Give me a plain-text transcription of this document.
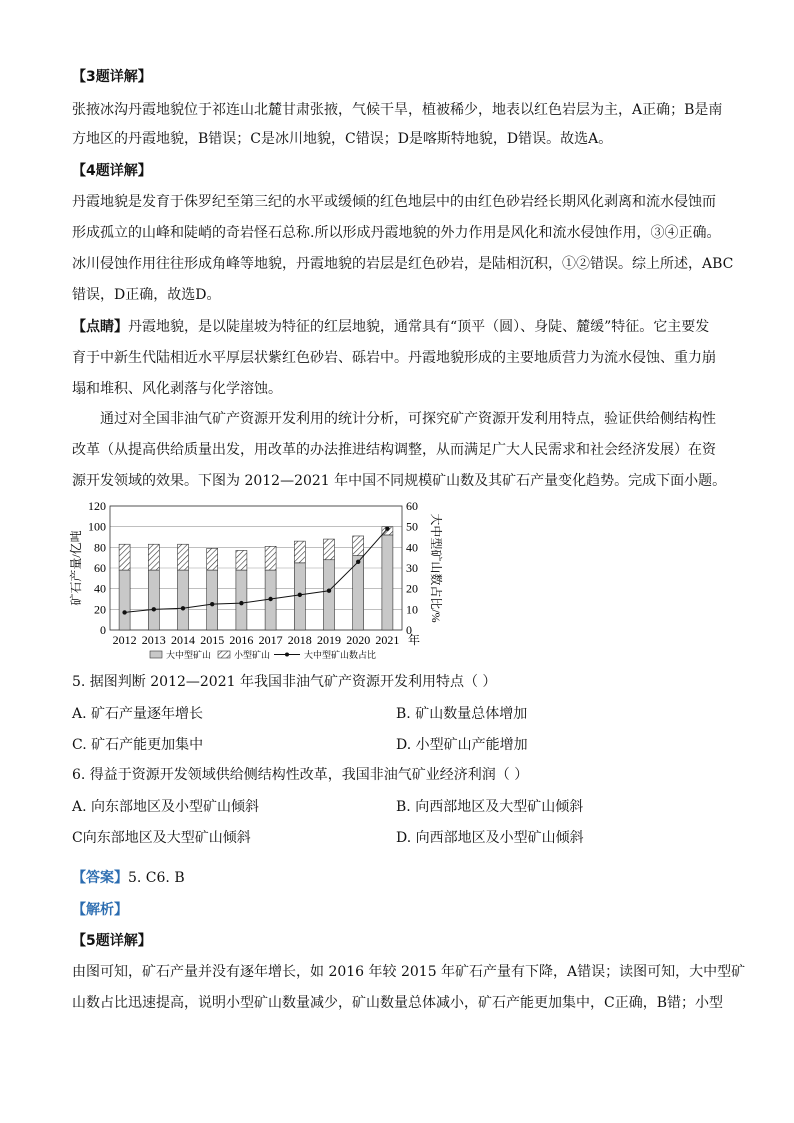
【3题详解】
张掖冰沟丹霞地貌位于祁连山北麓甘肃张掖，气候干旱，植被稀少，地表以红色岩层为主，A正确；B是南
方地区的丹霞地貌，B错误；C是冰川地貌，C错误；D是喀斯特地貌，D错误。故选A。
【4题详解】
丹霞地貌是发育于侏罗纪至第三纪的水平或缓倾的红色地层中的由红色砂岩经长期风化剥离和流水侵蚀而
形成孤立的山峰和陡峭的奇岩怪石总称.所以形成丹霞地貌的外力作用是风化和流水侵蚀作用，③④正确。
冰川侵蚀作用往往形成角峰等地貌，丹霞地貌的岩层是红色砂岩，是陆相沉积，①②错误。综上所述，ABC
错误，D正确，故选D。
【点睛】丹霞地貌，是以陡崖坡为特征的红层地貌，通常具有“顶平（圆）、身陡、麓缓”特征。它主要发
育于中新生代陆相近水平厚层状紫红色砂岩、砾岩中。丹霞地貌形成的主要地质营力为流水侵蚀、重力崩
塌和堆积、风化剥落与化学溶蚀。
通过对全国非油气矿产资源开发利用的统计分析，可探究矿产资源开发利用特点，验证供给侧结构性
改革（从提高供给质量出发，用改革的办法推进结构调整，从而满足广大人民需求和社会经济发展）在资
源开发领域的效果。下图为 2012—2021 年中国不同规模矿山数及其矿石产量变化趋势。完成下面小题。
0	0
20	10
40	20
60	30
80	40
100	50
120	60
矿石产量/亿吨	大中型矿山数占比/%
2012 2013 2014 2015 2016 2017 2018 2019 2020 2021 年
大中型矿山	小型矿山	大中型矿山数占比
5. 据图判断 2012—2021 年我国非油气矿产资源开发利用特点（ ）
A. 矿石产量逐年增长	B. 矿山数量总体增加
C. 矿石产能更加集中	D. 小型矿山产能增加
6. 得益于资源开发领域供给侧结构性改革，我国非油气矿业经济利润（ ）
A. 向东部地区及小型矿山倾斜	B. 向西部地区及大型矿山倾斜
C向东部地区及大型矿山倾斜	D. 向西部地区及小型矿山倾斜
【答案】5. C6. B
【解析】
【5题详解】
由图可知，矿石产量并没有逐年增长，如 2016 年较 2015 年矿石产量有下降，A错误；读图可知，大中型矿
山数占比迅速提高，说明小型矿山数量减少，矿山数量总体减小，矿石产能更加集中，C正确，B错；小型
